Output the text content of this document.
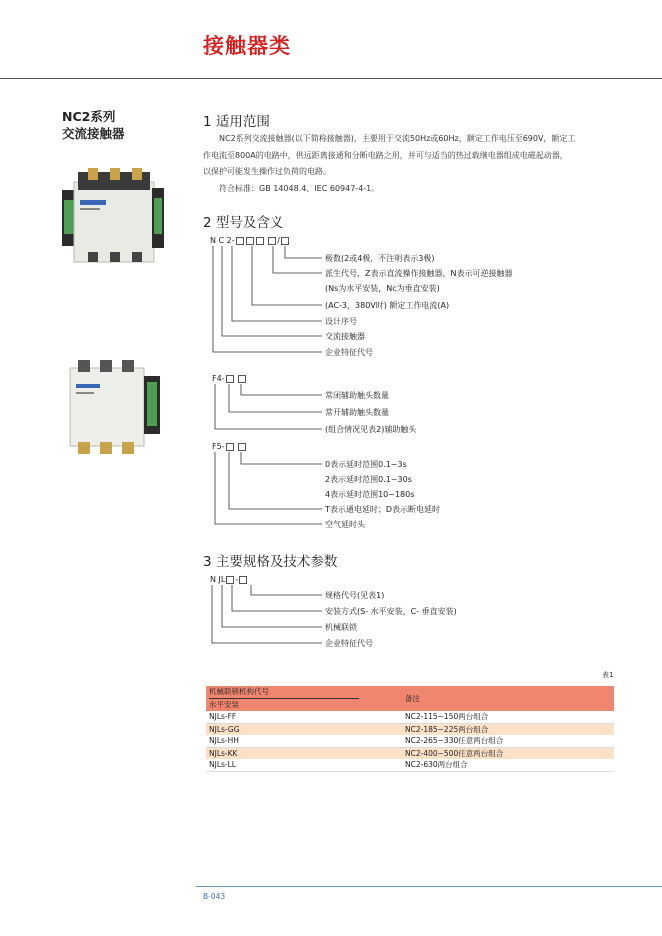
接触器类
NC2系列
交流接触器
1 适用范围
NC2系列交流接触器(以下简称接触器)，主要用于交流50Hz或60Hz，额定工作电压至690V，额定工
作电流至800A的电路中，供远距离接通和分断电路之用，并可与适当的热过载继电器组成电磁起动器，
以保护可能发生操作过负荷的电路。
符合标准：GB 14048.4、IEC 60947-4-1。
2 型号及含义
N C 2-	/
极数(2或4极，不注明表示3极)
派生代号，Z表示直流操作接触器，N表示可逆接触器
(Ns为水平安装，Nc为垂直安装)
(AC-3，380V时) 额定工作电流(A)
设计序号
交流接触器
企业特征代号
F4-
常闭辅助触头数量
常开辅助触头数量
(组合情况见表2)辅助触头
F5-
0表示延时范围0.1~3s
2表示延时范围0.1~30s
4表示延时范围10~180s
T表示通电延时；D表示断电延时
空气延时头
3 主要规格及技术参数
N JL -
规格代号(见表1)
安装方式(S- 水平安装，C- 垂直安装)
机械联锁
企业特征代号
表1
机械联锁机构代号
水平安装	备注
NJLs-FF	NC2-115~150两台组合
NJLs-GG	NC2-185~225两台组合
NJLs-HH	NC2-265~330任意两台组合
NJLs-KK	NC2-400~500任意两台组合
NJLs-LL	NC2-630两台组合
B-043
